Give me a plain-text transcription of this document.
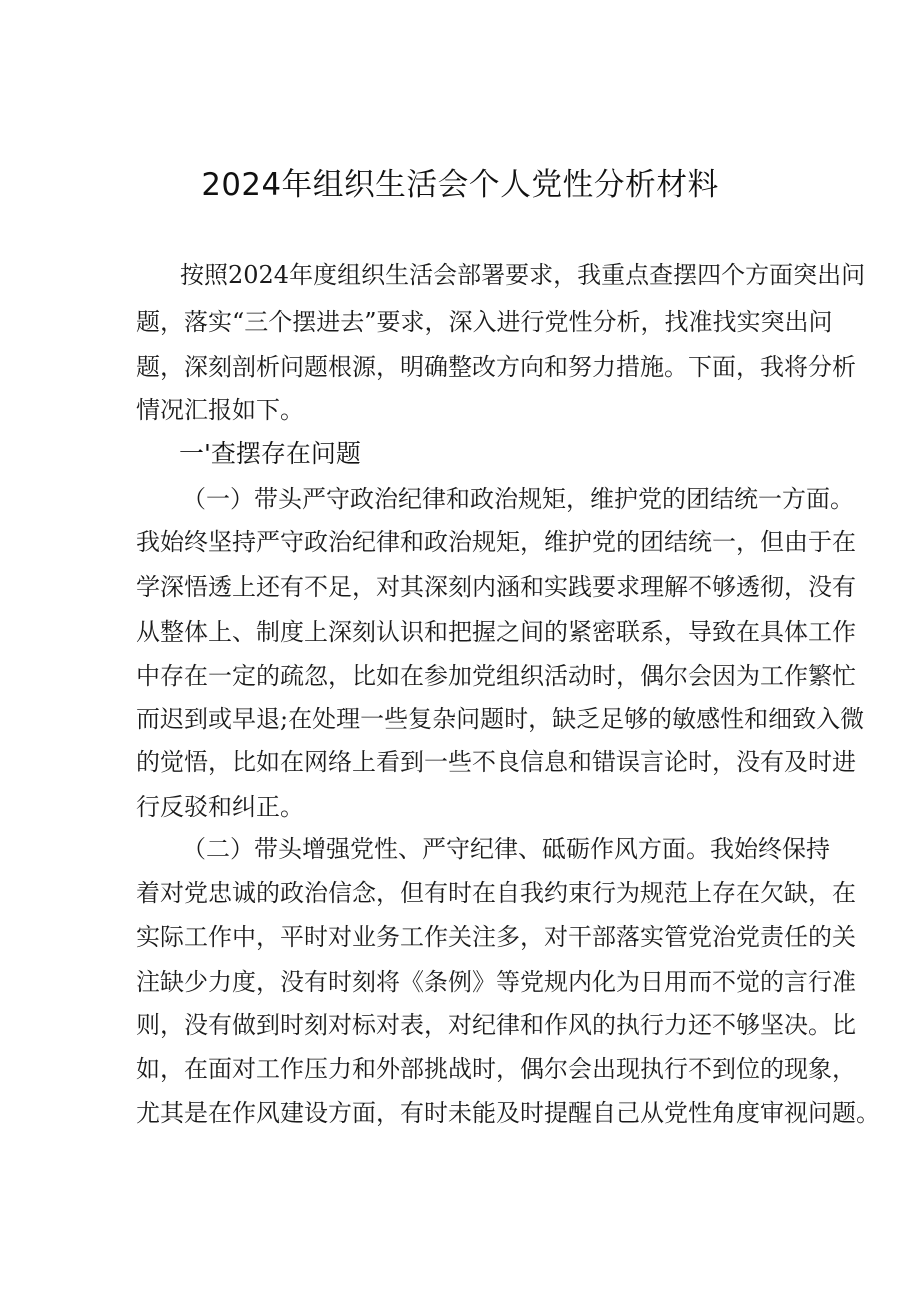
2024年组织生活会个人党性分析材料

按照2024年度组织生活会部署要求，我重点查摆四个方面突出问

题，落实“三个摆进去”要求，深入进行党性分析，找准找实突出问

题，深刻剖析问题根源，明确整改方向和努力措施。下面，我将分析

情况汇报如下。

一'查摆存在问题

（一）带头严守政治纪律和政治规矩，维护党的团结统一方面。

我始终坚持严守政治纪律和政治规矩，维护党的团结统一，但由于在

学深悟透上还有不足，对其深刻内涵和实践要求理解不够透彻，没有

从整体上、制度上深刻认识和把握之间的紧密联系，导致在具体工作

中存在一定的疏忽，比如在参加党组织活动时，偶尔会因为工作繁忙

而迟到或早退;在处理一些复杂问题时，缺乏足够的敏感性和细致入微

的觉悟，比如在网络上看到一些不良信息和错误言论时，没有及时进

行反驳和纠正。

（二）带头增强党性、严守纪律、砥砺作风方面。我始终保持

着对党忠诚的政治信念，但有时在自我约束行为规范上存在欠缺，在

实际工作中，平时对业务工作关注多，对干部落实管党治党责任的关

注缺少力度，没有时刻将《条例》等党规内化为日用而不觉的言行准

则，没有做到时刻对标对表，对纪律和作风的执行力还不够坚决。比

如，在面对工作压力和外部挑战时，偶尔会出现执行不到位的现象，

尤其是在作风建设方面，有时未能及时提醒自己从党性角度审视问题。
